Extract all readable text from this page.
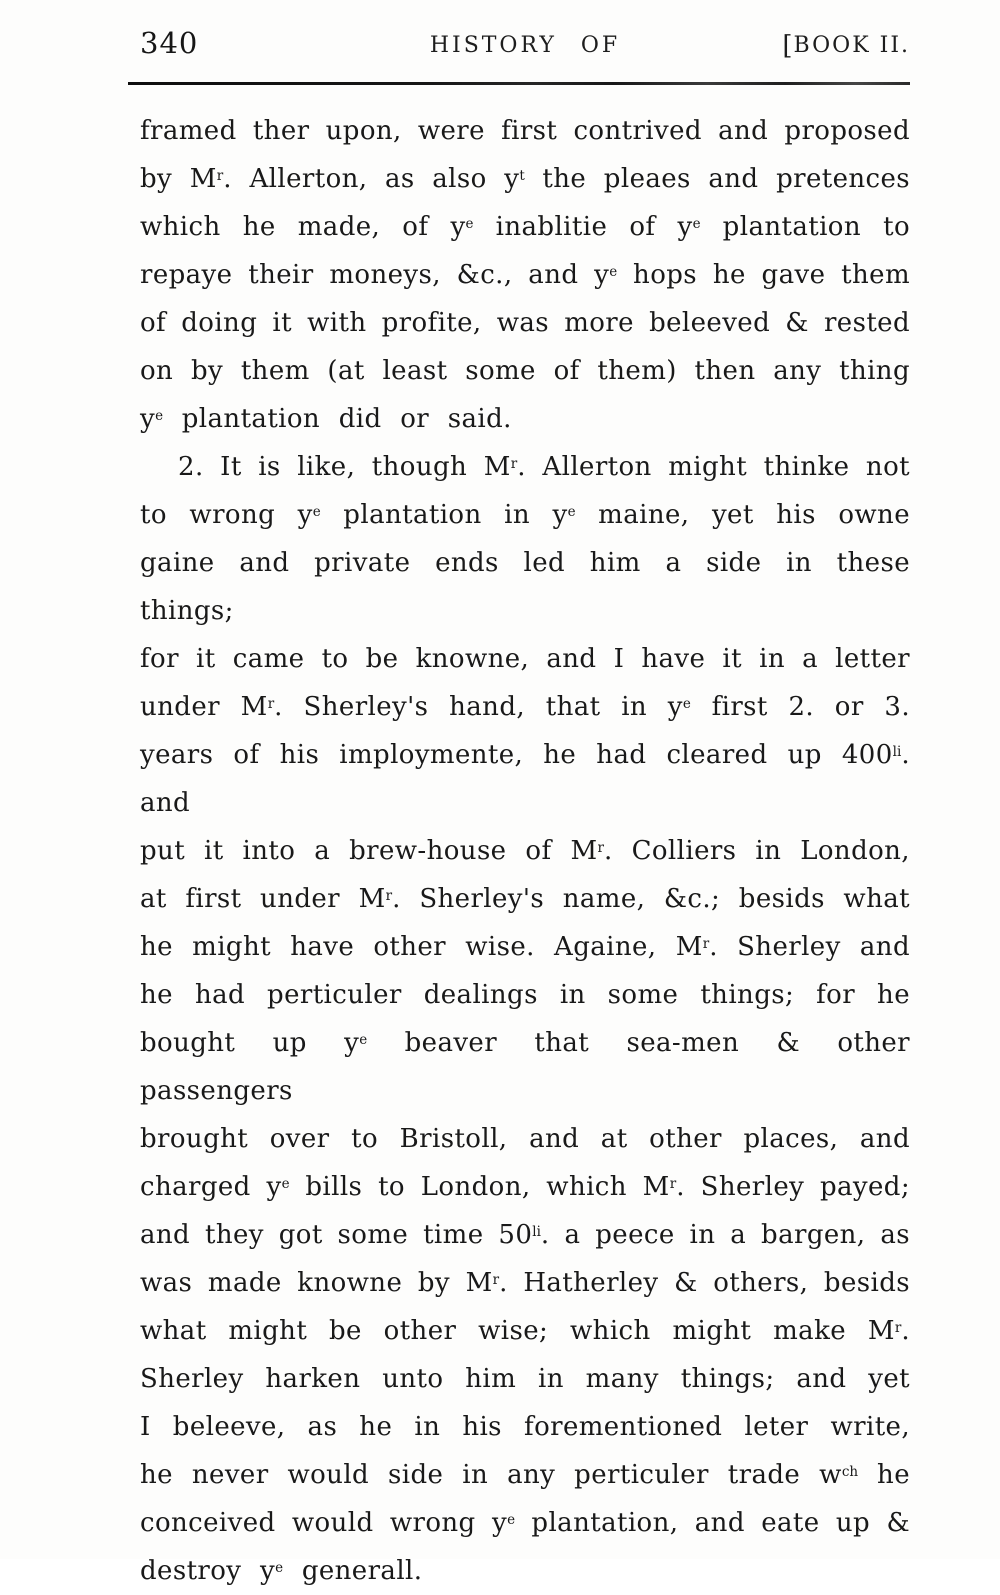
340	HISTORY OF	[BOOK II.
framed ther upon, were first contrived and proposed
by $M^r$. Allerton, as also $y^t$ the pleaes and pretences
which he made, of $y^e$ inablitie of $y^e$ plantation to
repaye their moneys, &c., and $y^e$ hops he gave them
of doing it with profite, was more beleeved & rested
on by them (at least some of them) then any thing
$y^e$ plantation did or said.
2. It is like, though $M^r$. Allerton might thinke not
to wrong $y^e$ plantation in $y^e$ maine, yet his owne
gaine and private ends led him a side in these things;
for it came to be knowne, and I have it in a letter
under $M^r$. Sherley's hand, that in $y^e$ first 2. or 3.
years of his imploymente, he had cleared up $400^{li}$. and
put it into a brew-house of $M^r$. Colliers in London,
at first under $M^r$. Sherley's name, &c.; besids what
he might have other wise. Againe, $M^r$. Sherley and
he had perticuler dealings in some things; for he
bought up $y^e$ beaver that sea-men & other passengers
brought over to Bristoll, and at other places, and
charged $y^e$ bills to London, which $M^r$. Sherley payed;
and they got some time $50^{li}$. a peece in a bargen, as
was made knowne by $M^r$. Hatherley & others, besids
what might be other wise; which might make $M^r$.
Sherley harken unto him in many things; and yet
I beleeve, as he in his forementioned leter write,
he never would side in any perticuler trade $w^{ch}$ he
conceived would wrong $y^e$ plantation, and eate up &
destroy $y^e$ generall.
